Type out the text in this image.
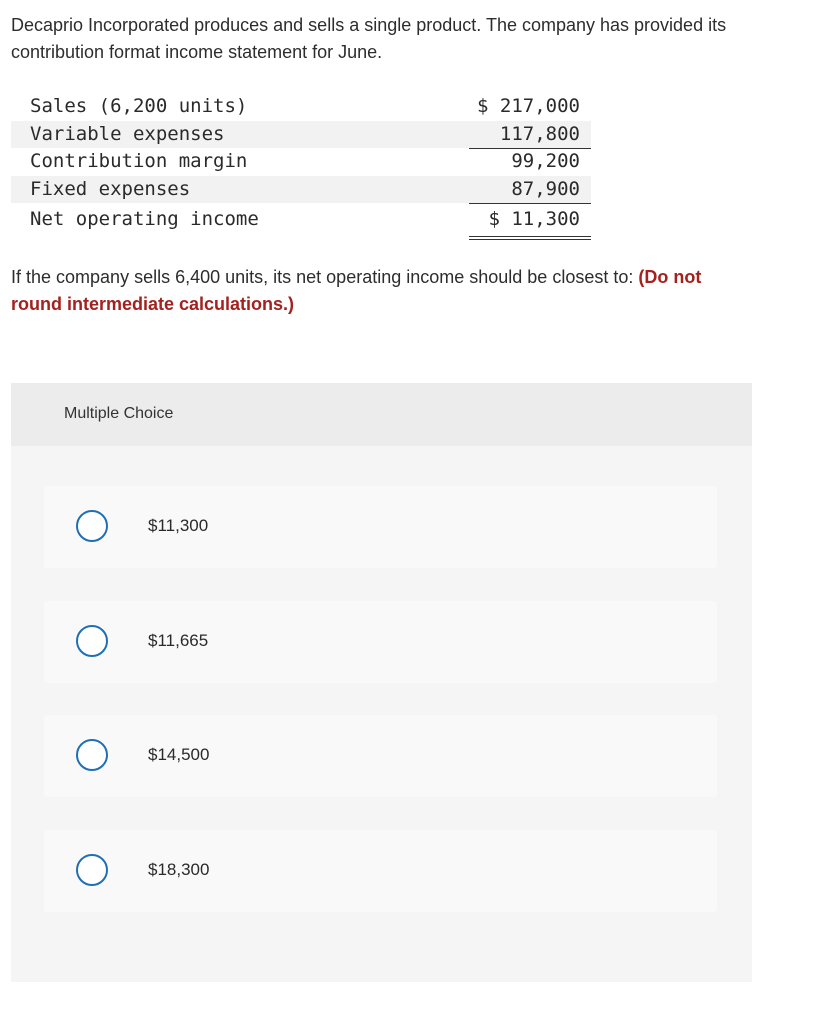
Decaprio Incorporated produces and sells a single product. The company has provided its contribution format income statement for June.
Sales (6,200 units)	$ 217,000
Variable expenses	117,800
Contribution margin	99,200
Fixed expenses	87,900
Net operating income	$ 11,300
If the company sells 6,400 units, its net operating income should be closest to: (Do not round intermediate calculations.)
Multiple Choice
$11,300
$11,665
$14,500
$18,300
